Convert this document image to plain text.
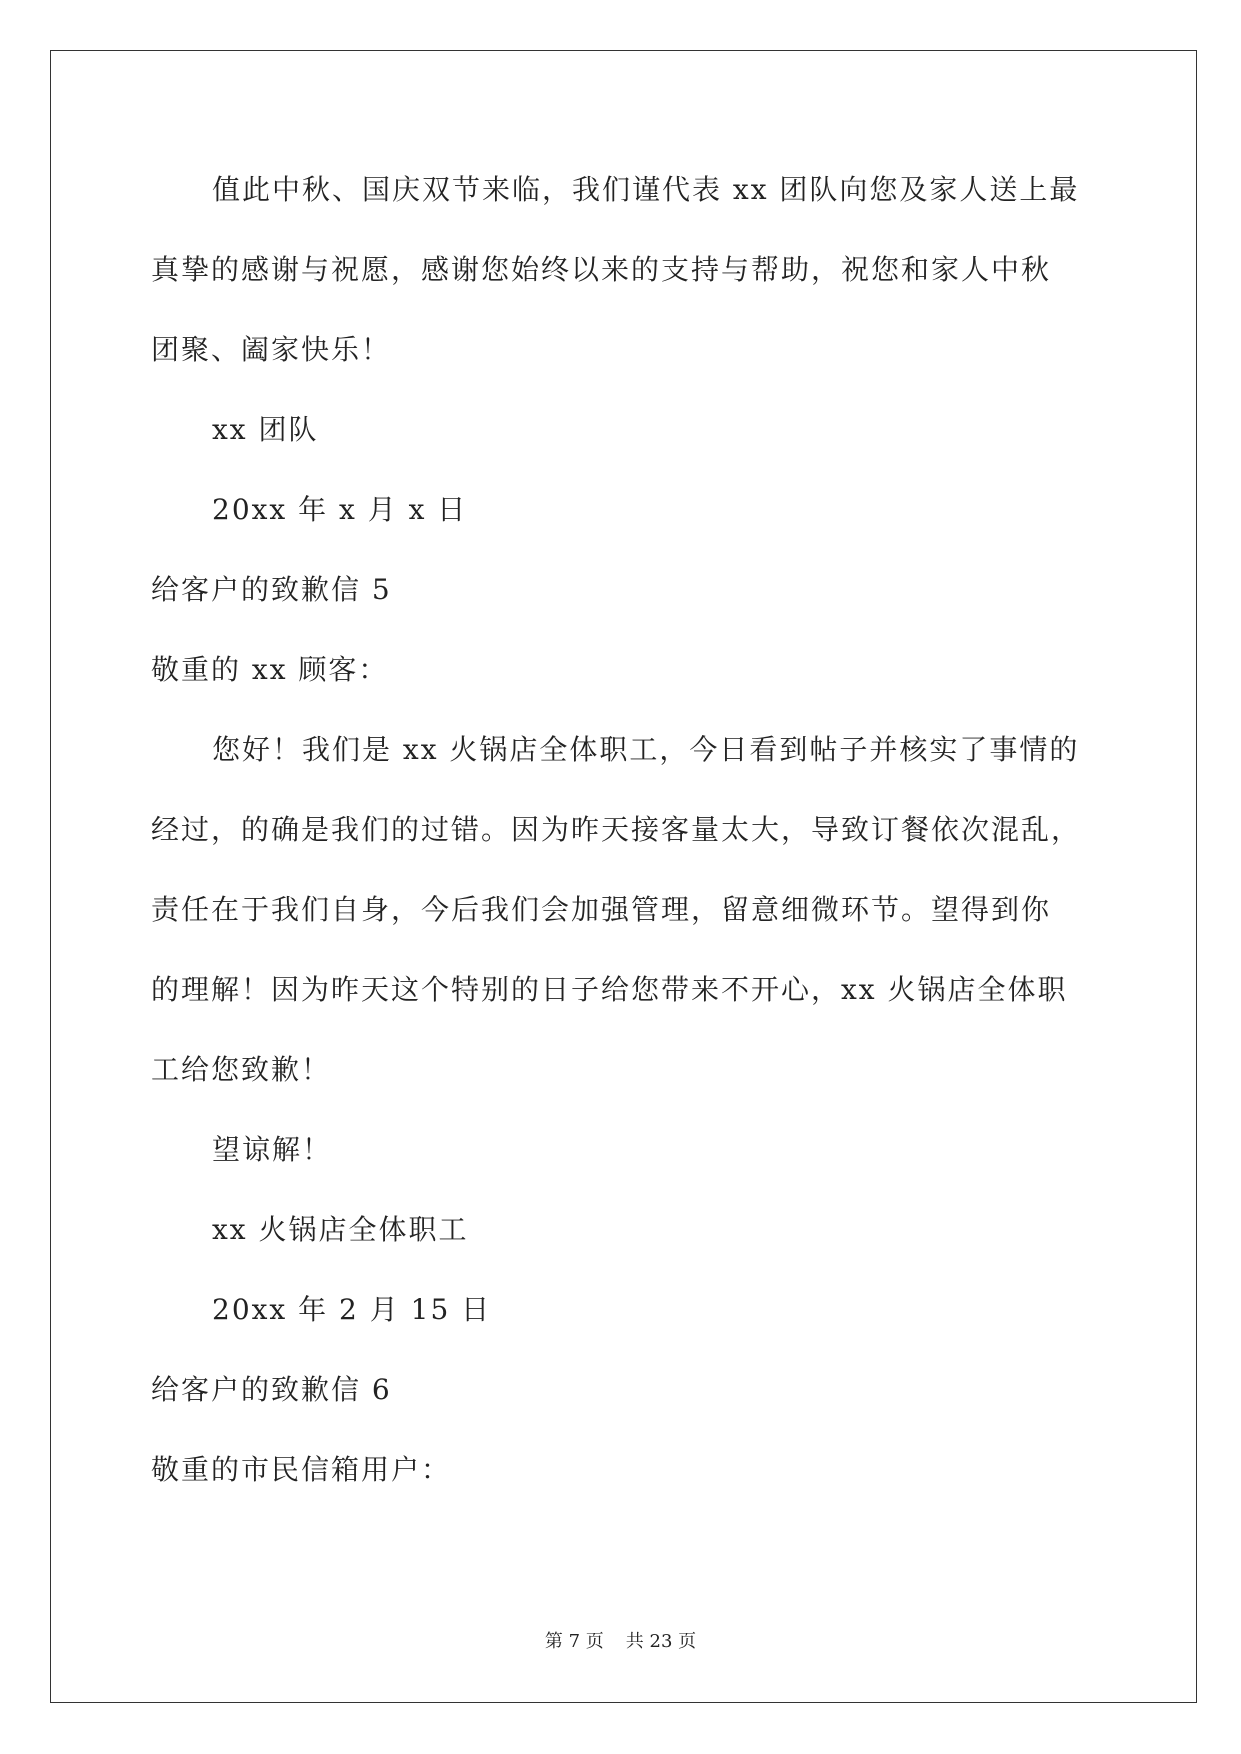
值此中秋、国庆双节来临，我们谨代表 xx 团队向您及家人送上最
真挚的感谢与祝愿，感谢您始终以来的支持与帮助，祝您和家人中秋
团聚、阖家快乐！
xx 团队
20xx 年 x 月 x 日
给客户的致歉信 5
敬重的 xx 顾客：
您好！我们是 xx 火锅店全体职工，今日看到帖子并核实了事情的
经过，的确是我们的过错。因为昨天接客量太大，导致订餐依次混乱，
责任在于我们自身，今后我们会加强管理，留意细微环节。望得到你
的理解！因为昨天这个特别的日子给您带来不开心，xx 火锅店全体职
工给您致歉！
望谅解！
xx 火锅店全体职工
20xx 年 2 月 15 日
给客户的致歉信 6
敬重的市民信箱用户：
第 7 页 共 23 页
